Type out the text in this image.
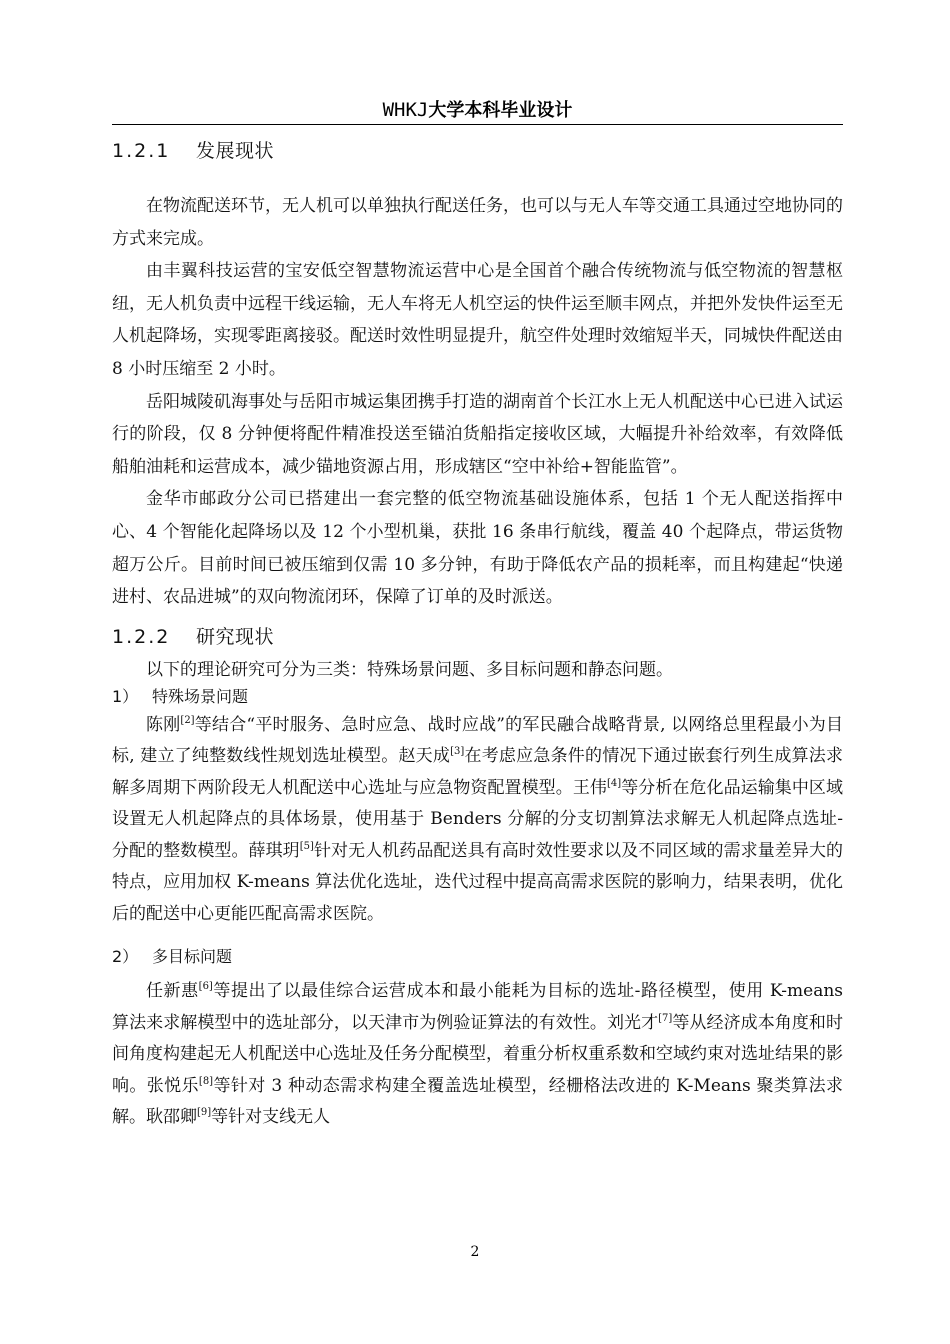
WHKJ大学本科毕业设计
1.2.1 发展现状

在物流配送环节，无人机可以单独执行配送任务，也可以与无人车等交通工具通过空地协同的方式来完成。

由丰翼科技运营的宝安低空智慧物流运营中心是全国首个融合传统物流与低空物流的智慧枢纽，无人机负责中远程干线运输，无人车将无人机空运的快件运至顺丰网点，并把外发快件运至无人机起降场，实现零距离接驳。配送时效性明显提升，航空件处理时效缩短半天，同城快件配送由 8 小时压缩至 2 小时。

岳阳城陵矶海事处与岳阳市城运集团携手打造的湖南首个长江水上无人机配送中心已进入试运行的阶段，仅 8 分钟便将配件精准投送至锚泊货船指定接收区域，大幅提升补给效率，有效降低船舶油耗和运营成本，减少锚地资源占用，形成辖区“空中补给+智能监管”。

金华市邮政分公司已搭建出一套完整的低空物流基础设施体系，包括 1 个无人配送指挥中心、4 个智能化起降场以及 12 个小型机巢，获批 16 条串行航线，覆盖 40 个起降点，带运货物超万公斤。目前时间已被压缩到仅需 10 多分钟，有助于降低农产品的损耗率，而且构建起“快递进村、农品进城”的双向物流闭环，保障了订单的及时派送。

1.2.2 研究现状

以下的理论研究可分为三类：特殊场景问题、多目标问题和静态问题。

1） 特殊场景问题

陈刚[2]等结合“平时服务、急时应急、战时应战”的军民融合战略背景, 以网络总里程最小为目标, 建立了纯整数线性规划选址模型。赵天成[3]在考虑应急条件的情况下通过嵌套行列生成算法求解多周期下两阶段无人机配送中心选址与应急物资配置模型。王伟[4]等分析在危化品运输集中区域设置无人机起降点的具体场景，使用基于 Benders 分解的分支切割算法求解无人机起降点选址-分配的整数模型。薛琪玥[5]针对无人机药品配送具有高时效性要求以及不同区域的需求量差异大的特点，应用加权 K-means 算法优化选址，迭代过程中提高高需求医院的影响力，结果表明，优化后的配送中心更能匹配高需求医院。

2） 多目标问题

任新惠[6]等提出了以最佳综合运营成本和最小能耗为目标的选址-路径模型，使用 K-means 算法来求解模型中的选址部分，以天津市为例验证算法的有效性。刘光才[7]等从经济成本角度和时间角度构建起无人机配送中心选址及任务分配模型，着重分析权重系数和空域约束对选址结果的影响。张悦乐[8]等针对 3 种动态需求构建全覆盖选址模型，经栅格法改进的 K-Means 聚类算法求解。耿邵卿[9]等针对支线无人

2
